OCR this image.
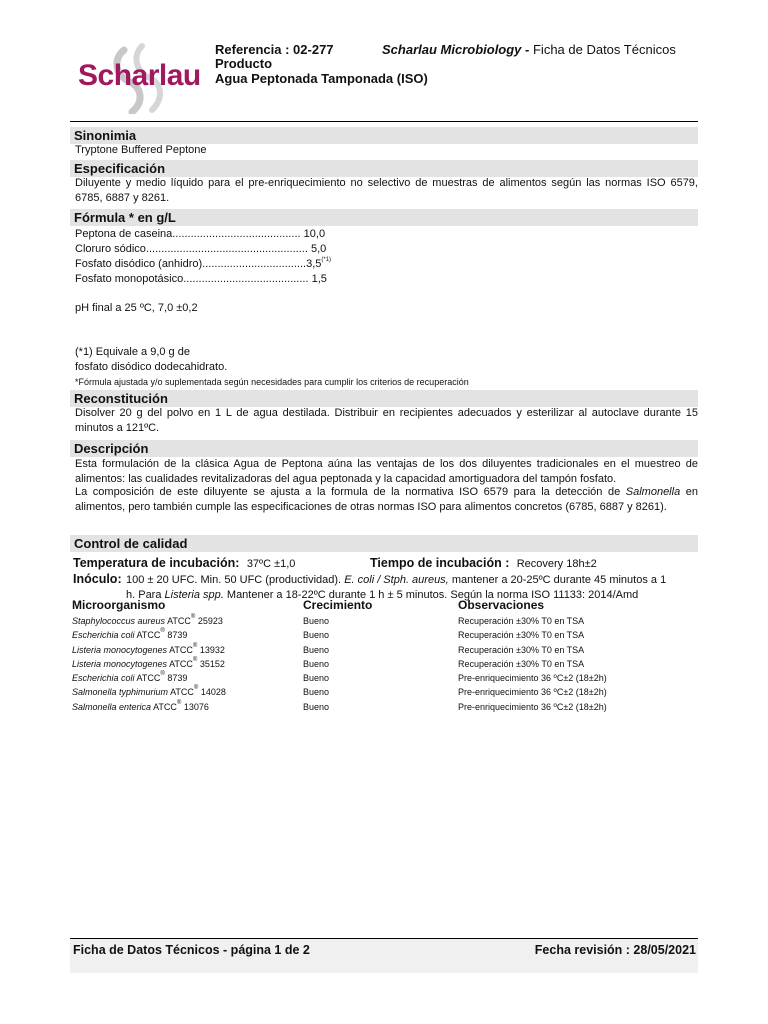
Scharlau
Referencia : 02-277
Producto
Agua Peptonada Tamponada (ISO)
Scharlau Microbiology - Ficha de Datos Técnicos
Sinonimia
Tryptone Buffered Peptone
Especificación
Diluyente y medio líquido para el pre-enriquecimiento no selectivo de muestras de alimentos según las normas ISO 6579, 6785, 6887 y 8261.
Fórmula * en g/L
Peptona de caseina.......................................... 10,0
Cloruro sódico..................................................... 5,0
Fosfato disódico $(anhidro)..................................3,5^{(*1)}$
Fosfato monopotásico......................................... 1,5
pH final a 25 ºC, 7,0 ±0,2
(*1) Equivale a 9,0 g de
fosfato disódico dodecahidrato.
*Fórmula ajustada y/o suplementada según necesidades para cumplir los criterios de recuperación
Reconstitución
Disolver 20 g del polvo en 1 L de agua destilada. Distribuir en recipientes adecuados y esterilizar al autoclave durante 15 minutos a 121ºC.
Descripción
Esta formulación de la clásica Agua de Peptona aúna las ventajas de los dos diluyentes tradicionales en el muestreo de alimentos: las cualidades revitalizadoras del agua peptonada y la capacidad amortiguadora del tampón fosfato.
La composición de este diluyente se ajusta a la formula de la normativa ISO 6579 para la detección de Salmonella en alimentos, pero también cumple las especificaciones de otras normas ISO para alimentos concretos (6785, 6887 y 8261).
Control de calidad
Temperatura de incubación: 37ºC ±1,0	Tiempo de incubación : Recovery 18h±2
Inóculo: 100 ± 20 UFC. Min. 50 UFC (productividad). E. coli / Stph. aureus, mantener a 20-25ºC durante 45 minutos a 1
h. Para Listeria spp. Mantener a 18-22ºC durante 1 h ± 5 minutos. Según la norma ISO 11133: 2014/Amd
Microorganismo	Crecimiento	Observaciones
Staphylococcus aureus ATCC® 25923	Bueno	Recuperación ±30% T0 en TSA
Escherichia coli ATCC® 8739	Bueno	Recuperación ±30% T0 en TSA
Listeria monocytogenes ATCC® 13932	Bueno	Recuperación ±30% T0 en TSA
Listeria monocytogenes ATCC® 35152	Bueno	Recuperación ±30% T0 en TSA
Escherichia coli ATCC® 8739	Bueno	Pre-enriquecimiento 36 ºC±2 (18±2h)
Salmonella typhimurium ATCC® 14028	Bueno	Pre-enriquecimiento 36 ºC±2 (18±2h)
Salmonella enterica ATCC® 13076	Bueno	Pre-enriquecimiento 36 ºC±2 (18±2h)
Ficha de Datos Técnicos - página 1 de 2	Fecha revisión : 28/05/2021
